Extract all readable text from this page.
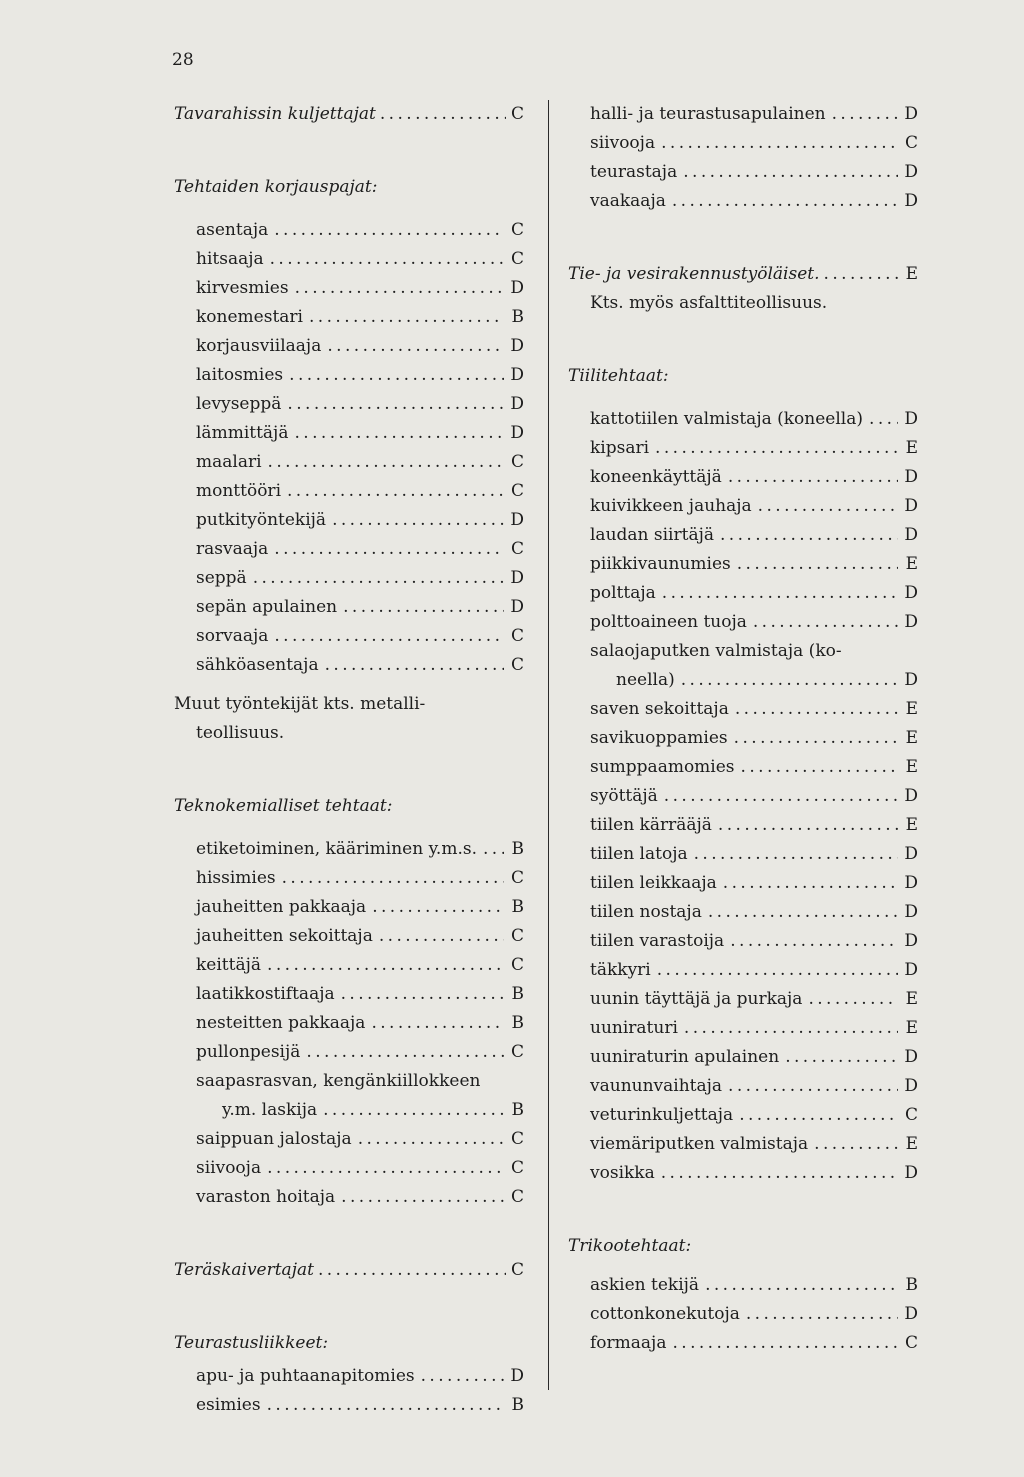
28
Tavarahissin kuljettajat . . .	C
Tehtaiden korjauspajat:
asentaja . . .	C
hitsaaja . . .	C
kirvesmies . . .	D
konemestari . . .	B
korjausviilaaja . . .	D
laitosmies . . .	D
levyseppä . . .	D
lämmittäjä . . .	D
maalari . . .	C
monttööri . . .	C
putkityöntekijä . . .	D
rasvaaja . . .	C
seppä . . .	D
sepän apulainen . . .	D
sorvaaja . . .	C
sähköasentaja . . .	C
Muut työntekijät kts. metalli-
teollisuus.
Teknokemialliset tehtaat:
etiketoiminen, kääriminen y.m.s. . . . B
hissimies . . .	C
jauheitten pakkaaja . . .	B
jauheitten sekoittaja . . .	C
keittäjä . . .	C
laatikkostiftaaja . . .	B
nesteitten pakkaaja . . .	B
pullonpesijä . . .	C
saapasrasvan, kengänkiillokkeen
y.m. laskija . . .	B
saippuan jalostaja . . .	C
siivooja . . .	C
varaston hoitaja . . .	C
Teräskaivertajat . . .	C
Teurastusliikkeet:
apu- ja puhtaanapitomies . . .	D
esimies . . .	B
halli- ja teurastusapulainen . . .	D
siivooja . . .	C
teurastaja . . .	D
vaakaaja . . .	D
Tie- ja vesirakennustyöläiset. . . .	E
Kts. myös asfalttiteollisuus.
Tiilitehtaat:
kattotiilen valmistaja (koneella) . . . D
kipsari . . .	E
koneenkäyttäjä . . .	D
kuivikkeen jauhaja . . .	D
laudan siirtäjä . . .	D
piikkivaunumies . . .	E
polttaja . . .	D
polttoaineen tuoja . . .	D
salaojaputken valmistaja (ko-
neella) . . .	D
saven sekoittaja . . .	E
savikuoppamies . . .	E
sumppaamomies . . .	E
syöttäjä . . .	D
tiilen kärrääjä . . .	E
tiilen latoja . . .	D
tiilen leikkaaja . . .	D
tiilen nostaja . . .	D
tiilen varastoija . . .	D
täkkyri . . .	D
uunin täyttäjä ja purkaja . . .	E
uuniraturi . . .	E
uuniraturin apulainen . . .	D
vaununvaihtaja . . .	D
veturinkuljettaja . . .	C
viemäriputken valmistaja . . .	E
vosikka . . .	D
Trikootehtaat:
askien tekijä . . .	B
cottonkonekutoja . . .	D
formaaja . . .	C
